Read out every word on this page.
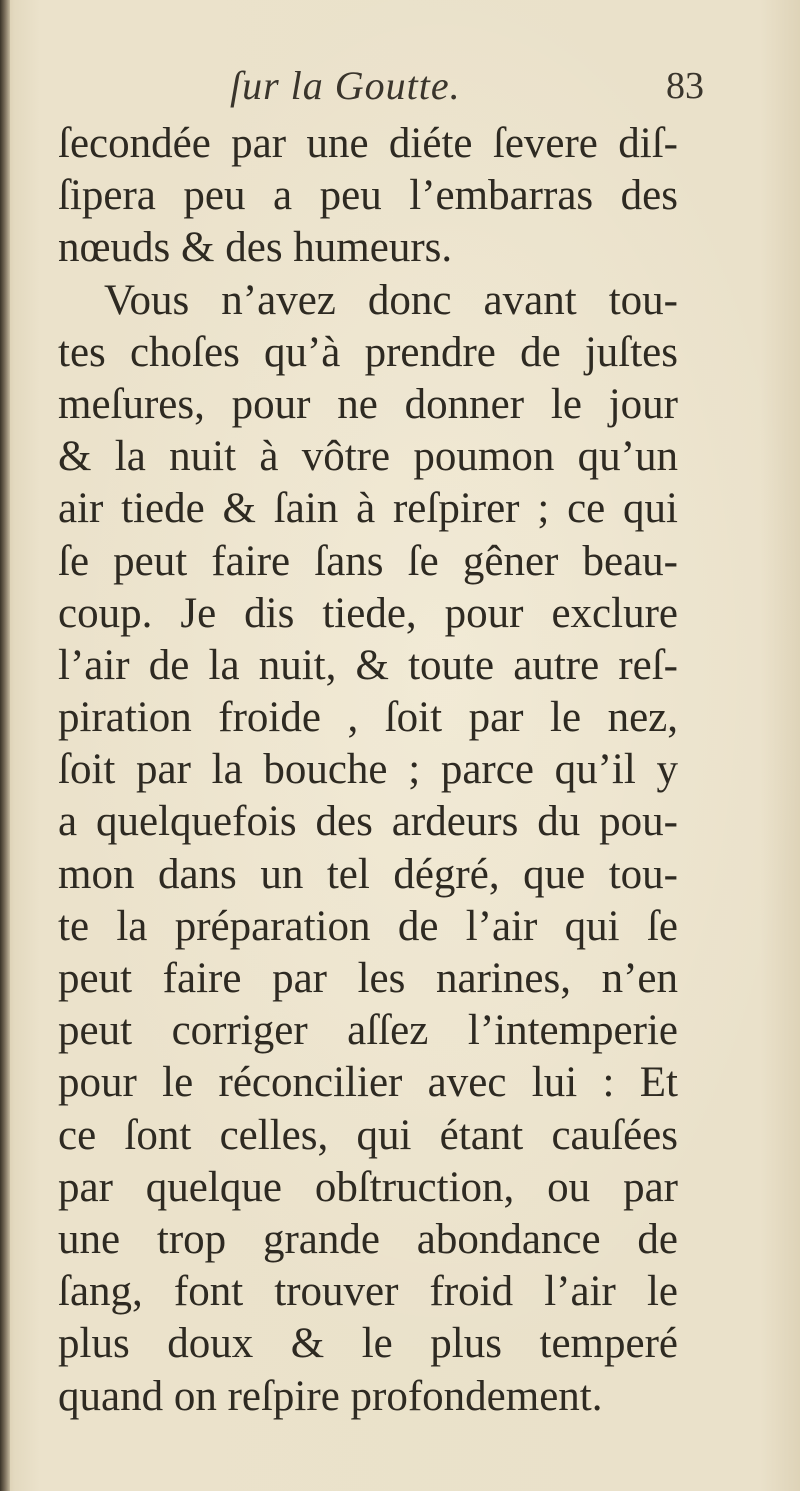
ſur la Goutte.	83
ſecondée par une diéte ſevere diſ-
ſipera peu a peu l’embarras des
nœuds & des humeurs.
Vous n’avez donc avant tou-
tes choſes qu’à prendre de juſtes
meſures, pour ne donner le jour
& la nuit à vôtre poumon qu’un
air tiede & ſain à reſpirer ; ce qui
ſe peut faire ſans ſe gêner beau-
coup. Je dis tiede, pour exclure
l’air de la nuit, & toute autre reſ-
piration froide , ſoit par le nez,
ſoit par la bouche ; parce qu’il y
a quelquefois des ardeurs du pou-
mon dans un tel dégré, que tou-
te la préparation de l’air qui ſe
peut faire par les narines, n’en
peut corriger aſſez l’intemperie
pour le réconcilier avec lui : Et
ce ſont celles, qui étant cauſées
par quelque obſtruction, ou par
une trop grande abondance de
ſang, font trouver froid l’air le
plus doux & le plus temperé
quand on reſpire profondement.
